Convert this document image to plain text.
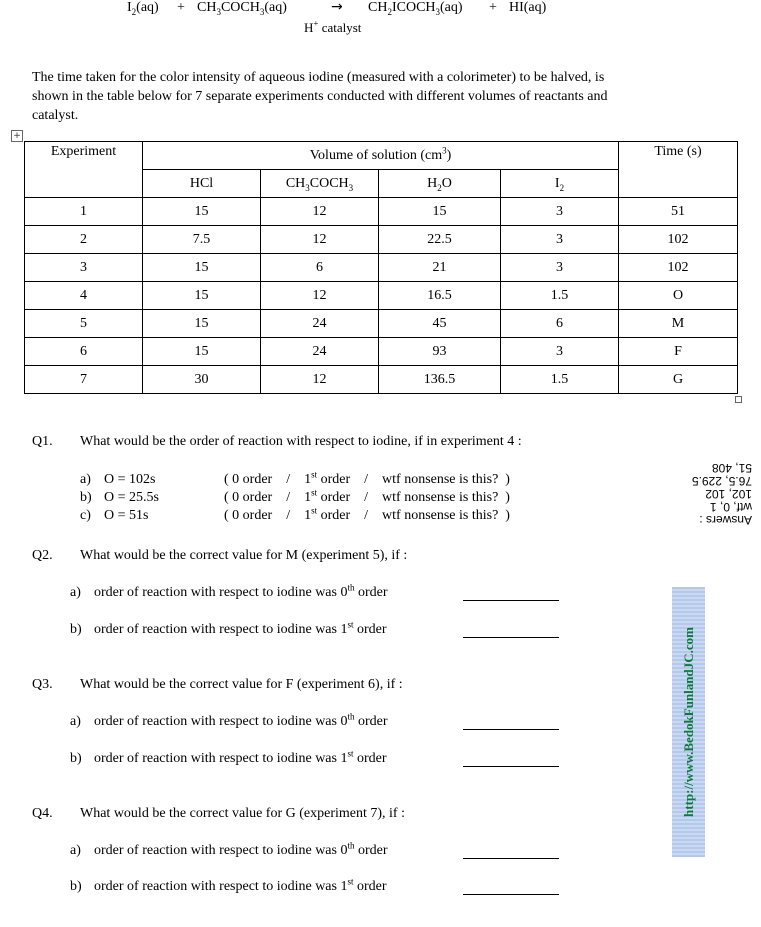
$I_2(aq)$ + $CH_3COCH_3(aq)$	→ $CH_2ICOCH_3(aq) + HI(aq)$
H+ catalyst
The time taken for the color intensity of aqueous iodine (measured with a colorimeter) to be halved, is
shown in the table below for 7 separate experiments conducted with different volumes of reactants and
catalyst.
+
Experiment	Volume of solution $(cm^3)$				Time (s)
	HCl	$CH_3COCH_3$	$H_2O$	$I_2$
1	15	12	15	3	51
2	7.5	12	22.5	3	102
3	15	6	21	3	102
4	15	12	16.5	1.5	O
5	15	24	45	6	M
6	15	24	93	3	F
7	30	12	136.5	1.5	G
Q1. What would be the order of reaction with respect to iodine, if in experiment 4 :
a) O = 102s	( 0 order    /    1st order    /    wtf nonsense is this?  )
b) O = 25.5s	( 0 order    /    1st order    /    wtf nonsense is this?  )
c) O = 51s	( 0 order    /    1st order    /    wtf nonsense is this?  )	Answers :
wtf, 0, 1
102, 102
76.5, 229.5
51, 408
Q2. What would be the correct value for M (experiment 5), if :
a) order of reaction with respect to iodine was 0th order
b) order of reaction with respect to iodine was 1st order
Q3. What would be the correct value for F (experiment 6), if :
a) order of reaction with respect to iodine was 0th order
b) order of reaction with respect to iodine was 1st order
Q4. What would be the correct value for G (experiment 7), if :
a) order of reaction with respect to iodine was 0th order
b) order of reaction with respect to iodine was 1st order
http://www.BedokFunlandJC.com
